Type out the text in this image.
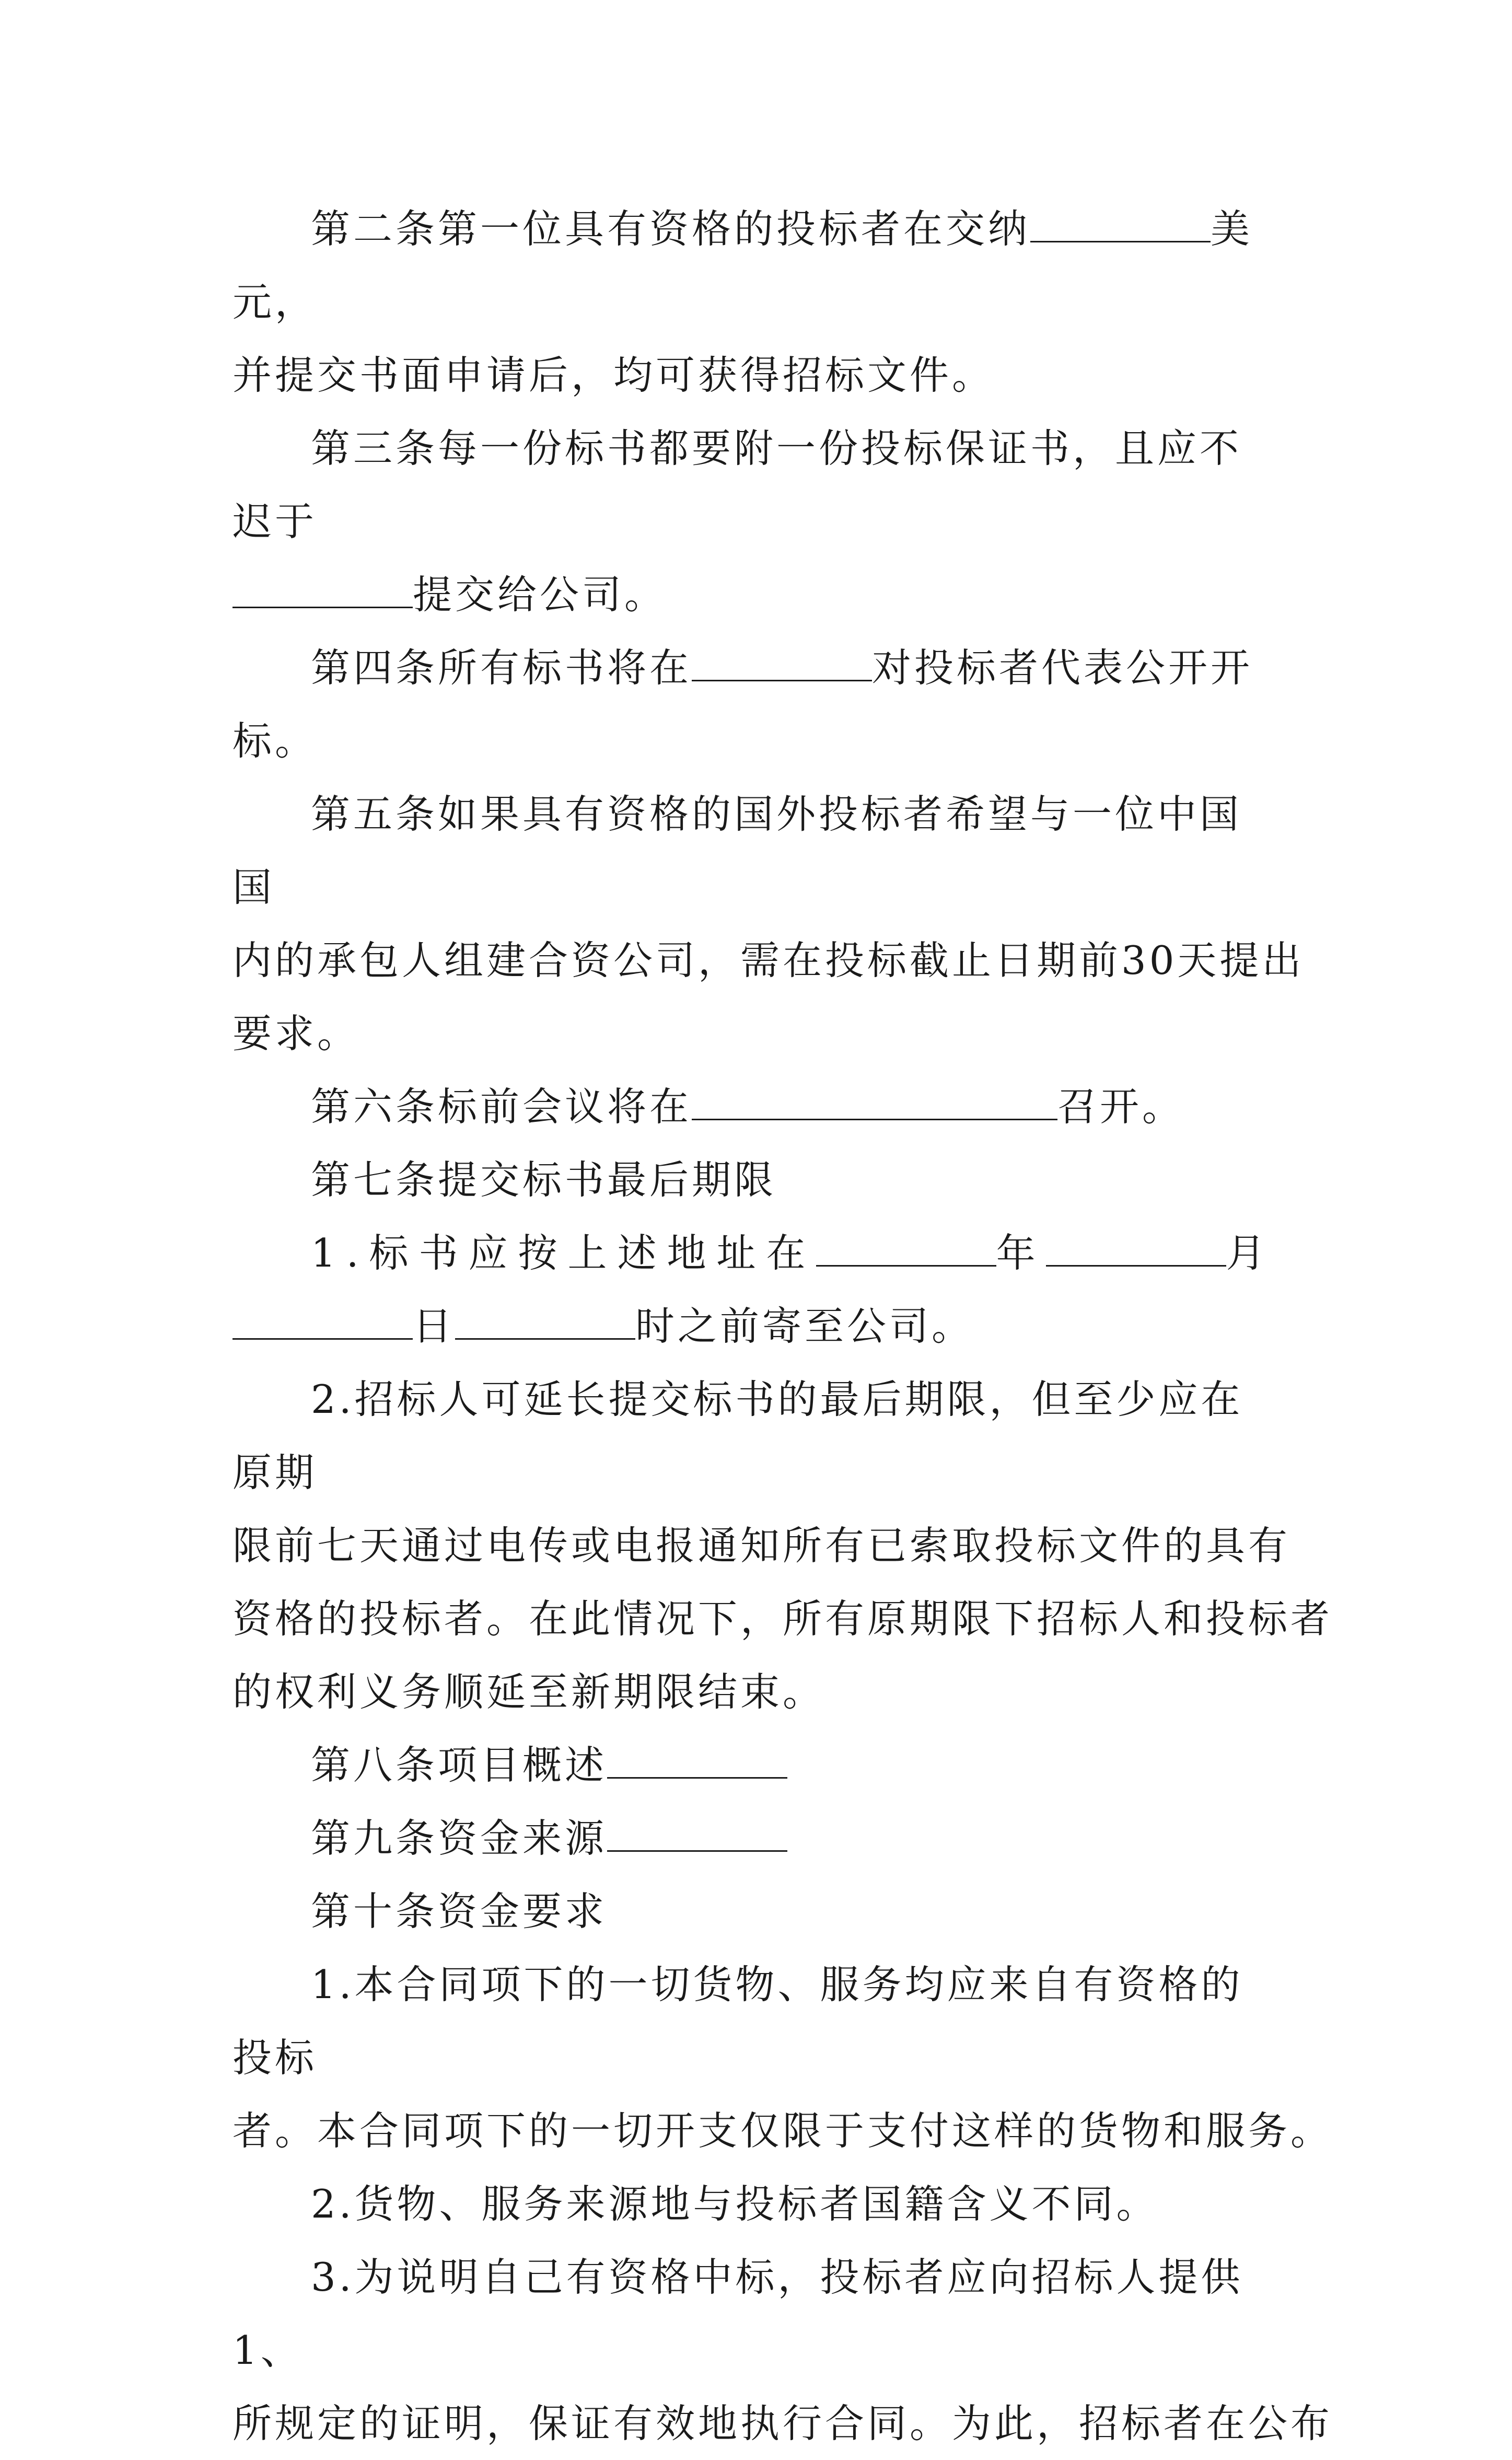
第二条第一位具有资格的投标者在交纳	美元，

并提交书面申请后，均可获得招标文件。

第三条每一份标书都要附一份投标保证书，且应不迟于

提交给公司。

第四条所有标书将在	对投标者代表公开开标。

第五条如果具有资格的国外投标者希望与一位中国国

内的承包人组建合资公司，需在投标截止日期前30天提出
要求。

第六条标前会议将在	召开。

第七条提交标书最后期限

1.标书应按上述地址在	年	月

日	时之前寄至公司。

2.招标人可延长提交标书的最后期限，但至少应在原期

限前七天通过电传或电报通知所有已索取投标文件的具有
资格的投标者。在此情况下，所有原期限下招标人和投标者
的权利义务顺延至新期限结束。

第八条项目概述

第九条资金来源

第十条资金要求

1.本合同项下的一切货物、服务均应来自有资格的投标

者。本合同项下的一切开支仅限于支付这样的货物和服务。

2.货物、服务来源地与投标者国籍含义不同。

3.为说明自己有资格中标，投标者应向招标人提供1、

所规定的证明，保证有效地执行合同。为此，招标者在公布
